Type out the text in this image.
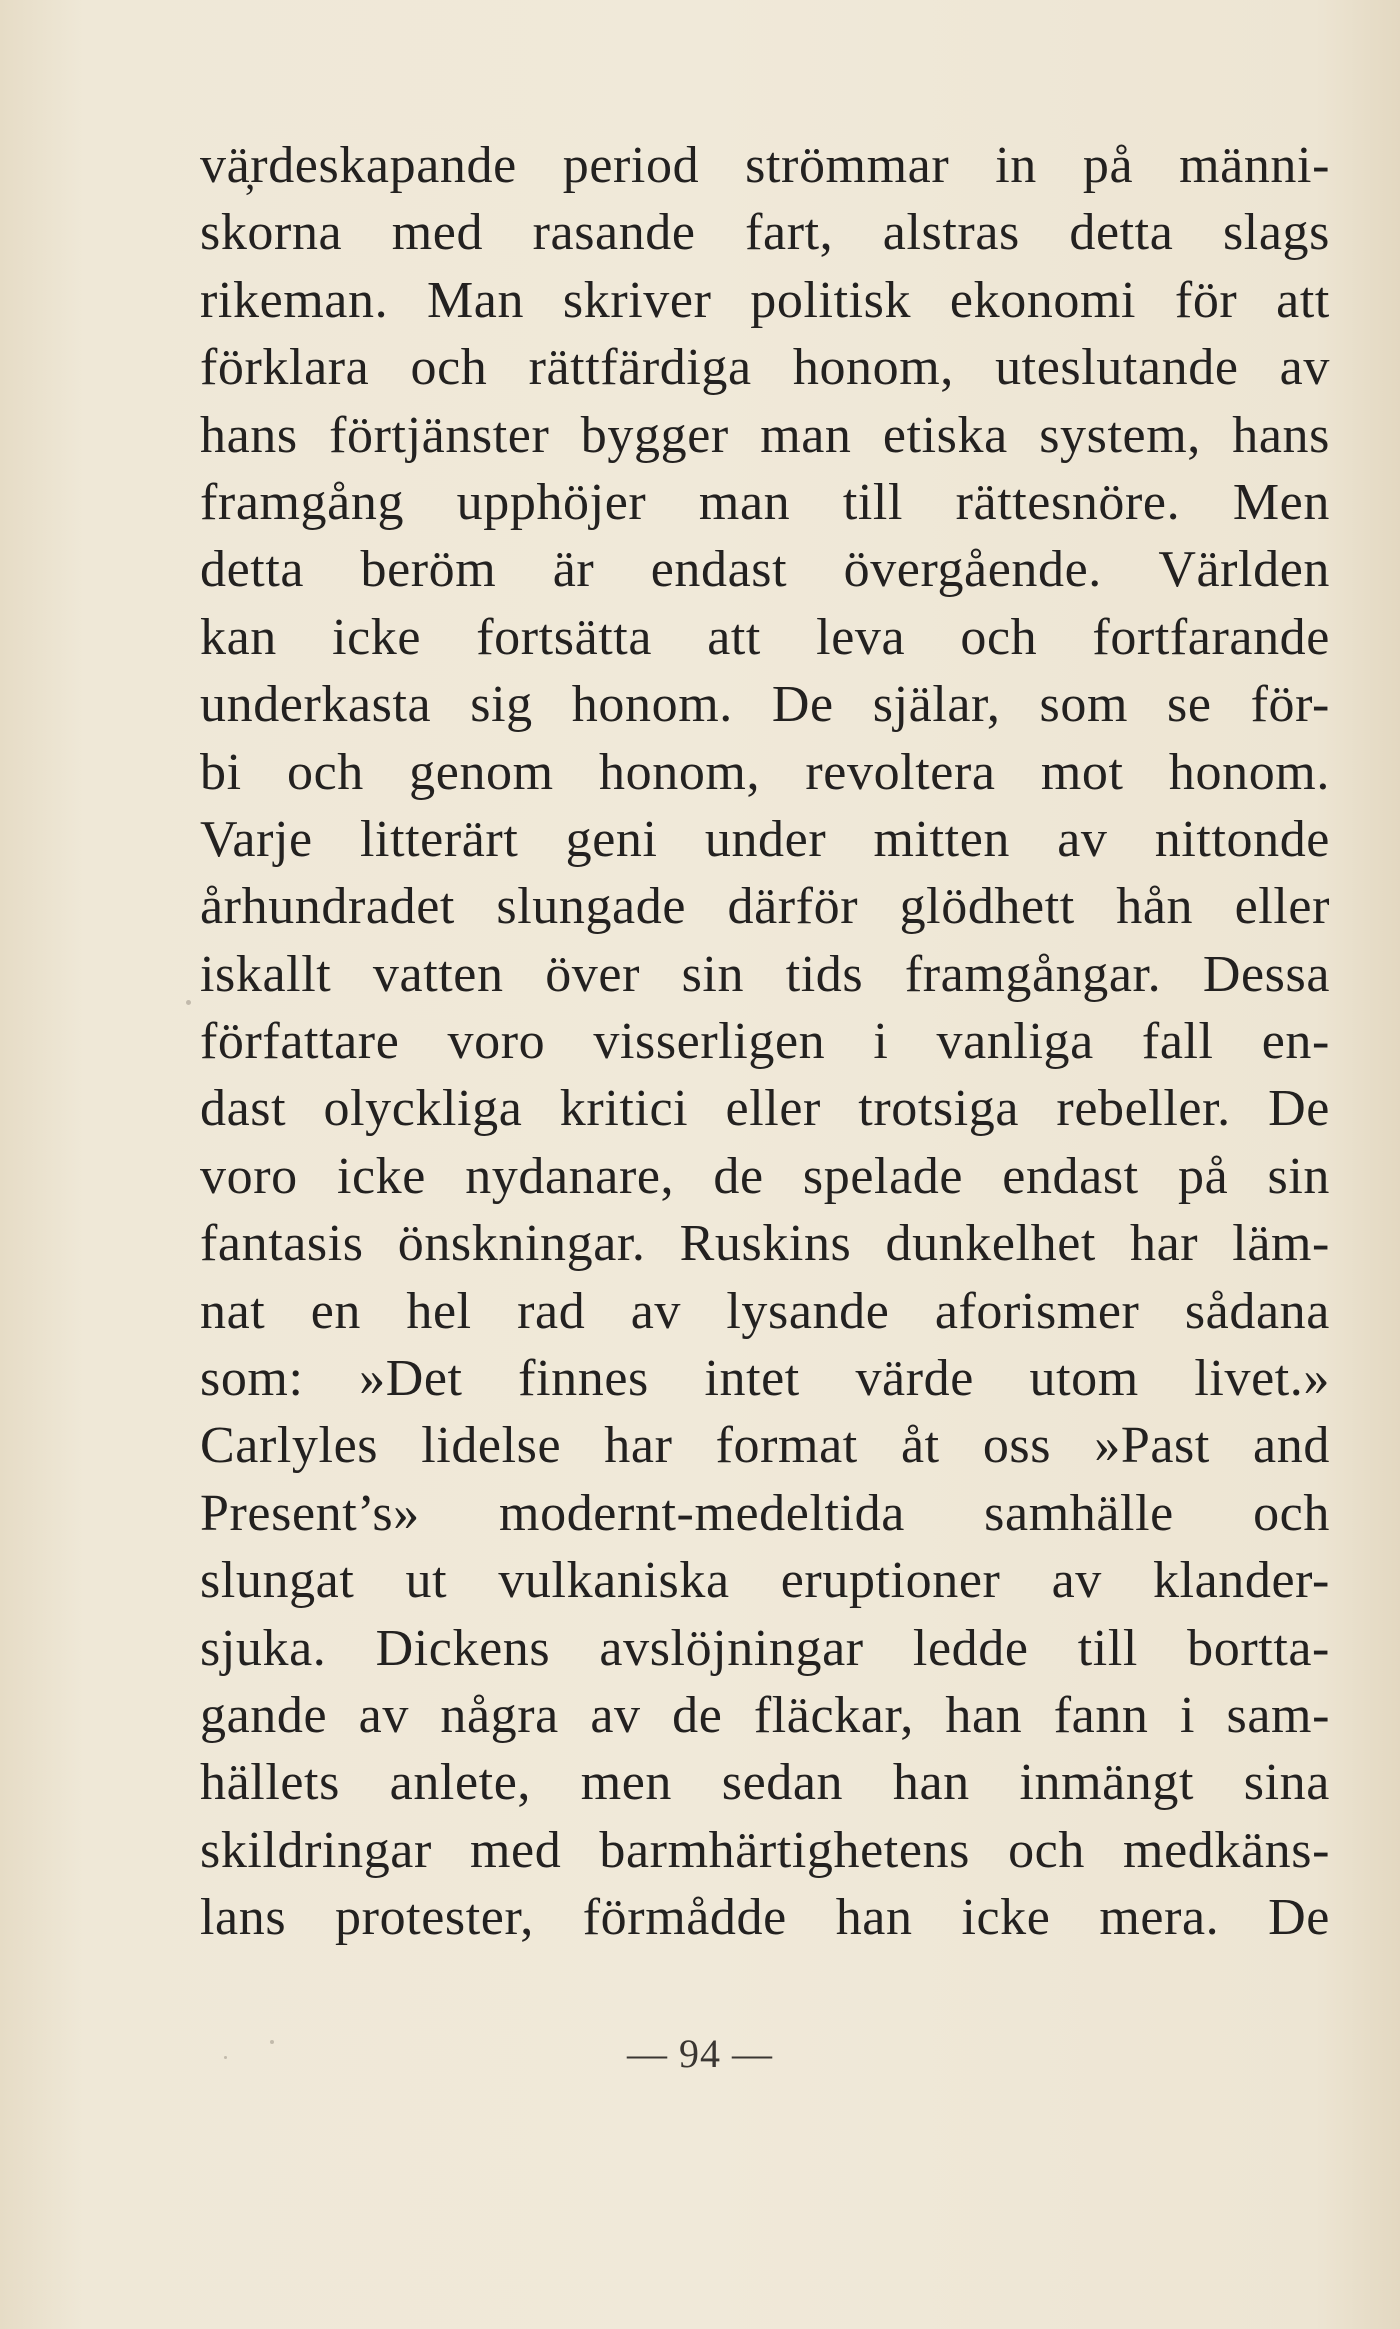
vä̦rdeskapande period strömmar in på männi-
skorna med rasande fart, alstras detta slags
rikeman. Man skriver politisk ekonomi för att
förklara och rättfärdiga honom, uteslutande av
hans förtjänster bygger man etiska system, hans
framgång upphöjer man till rättesnöre. Men
detta beröm är endast övergående. Världen
kan icke fortsätta att leva och fortfarande
underkasta sig honom. De själar, som se för-
bi och genom honom, revoltera mot honom.
Varje litterärt geni under mitten av nittonde
århundradet slungade därför glödhett hån eller
iskallt vatten över sin tids framgångar. Dessa
författare voro visserligen i vanliga fall en-
dast olyckliga kritici eller trotsiga rebeller. De
voro icke nydanare, de spelade endast på sin
fantasis önskningar. Ruskins dunkelhet har läm-
nat en hel rad av lysande aforismer sådana
som: »Det finnes intet värde utom livet.»
Carlyles lidelse har format åt oss »Past and
Present’s» modernt-medeltida samhälle och
slungat ut vulkaniska eruptioner av klander-
sjuka. Dickens avslöjningar ledde till bortta-
gande av några av de fläckar, han fann i sam-
hällets anlete, men sedan han inmängt sina
skildringar med barmhärtighetens och medkäns-
lans protester, förmådde han icke mera. De
— 94 —
